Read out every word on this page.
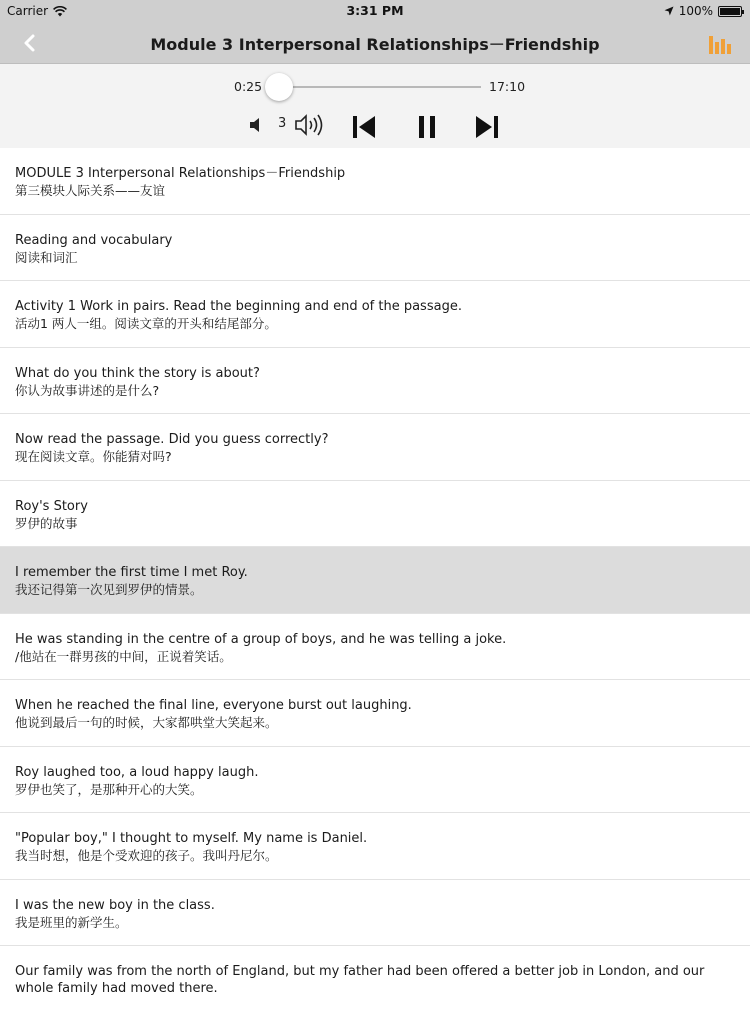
Carrier	3:31 PM	100%
Module 3 Interpersonal Relationships－Friendship
0:25	17:10
3
MODULE 3 Interpersonal Relationships－Friendship
第三模块人际关系——友谊
Reading and vocabulary
阅读和词汇
Activity 1 Work in pairs. Read the beginning and end of the passage.
活动1 两人一组。阅读文章的开头和结尾部分。
What do you think the story is about?
你认为故事讲述的是什么?
Now read the passage. Did you guess correctly?
现在阅读文章。你能猜对吗?
Roy's Story
罗伊的故事
I remember the first time I met Roy.
我还记得第一次见到罗伊的情景。
He was standing in the centre of a group of boys, and he was telling a joke.
/他站在一群男孩的中间，正说着笑话。
When he reached the final line, everyone burst out laughing.
他说到最后一句的时候，大家都哄堂大笑起来。
Roy laughed too, a loud happy laugh.
罗伊也笑了，是那种开心的大笑。
"Popular boy," I thought to myself. My name is Daniel.
我当时想，他是个受欢迎的孩子。我叫丹尼尔。
I was the new boy in the class.
我是班里的新学生。
Our family was from the north of England, but my father had been offered a better job in London, and our whole family had moved there.
